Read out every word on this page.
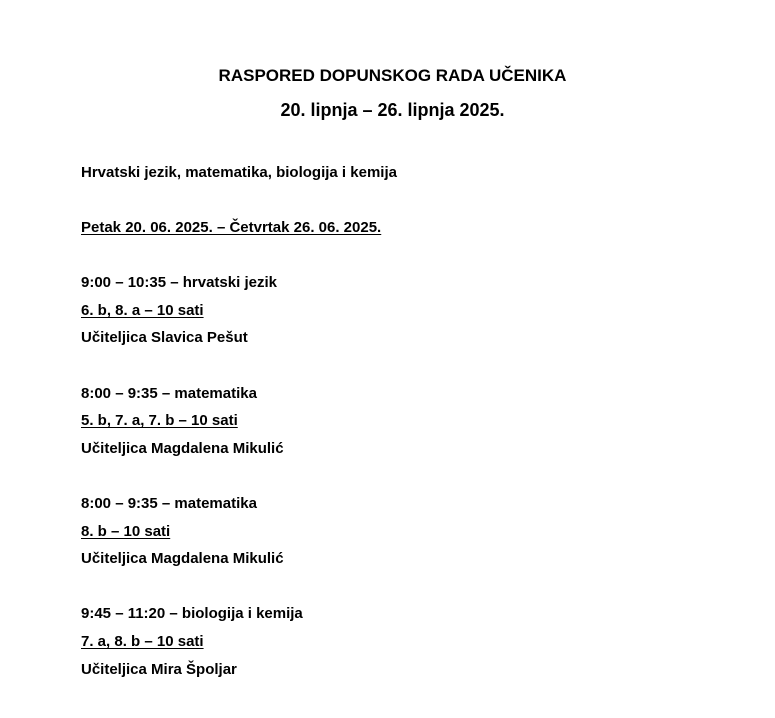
RASPORED DOPUNSKOG RADA UČENIKA
20. lipnja – 26. lipnja 2025.
Hrvatski jezik, matematika, biologija i kemija
Petak 20. 06. 2025. – Četvrtak 26. 06. 2025.
9:00 – 10:35 – hrvatski jezik
6. b, 8. a – 10 sati
Učiteljica Slavica Pešut
8:00 – 9:35 – matematika
5. b, 7. a, 7. b – 10 sati
Učiteljica Magdalena Mikulić
8:00 – 9:35 – matematika
8. b – 10 sati
Učiteljica Magdalena Mikulić
9:45 – 11:20 – biologija i kemija
7. a, 8. b – 10 sati
Učiteljica Mira Špoljar
